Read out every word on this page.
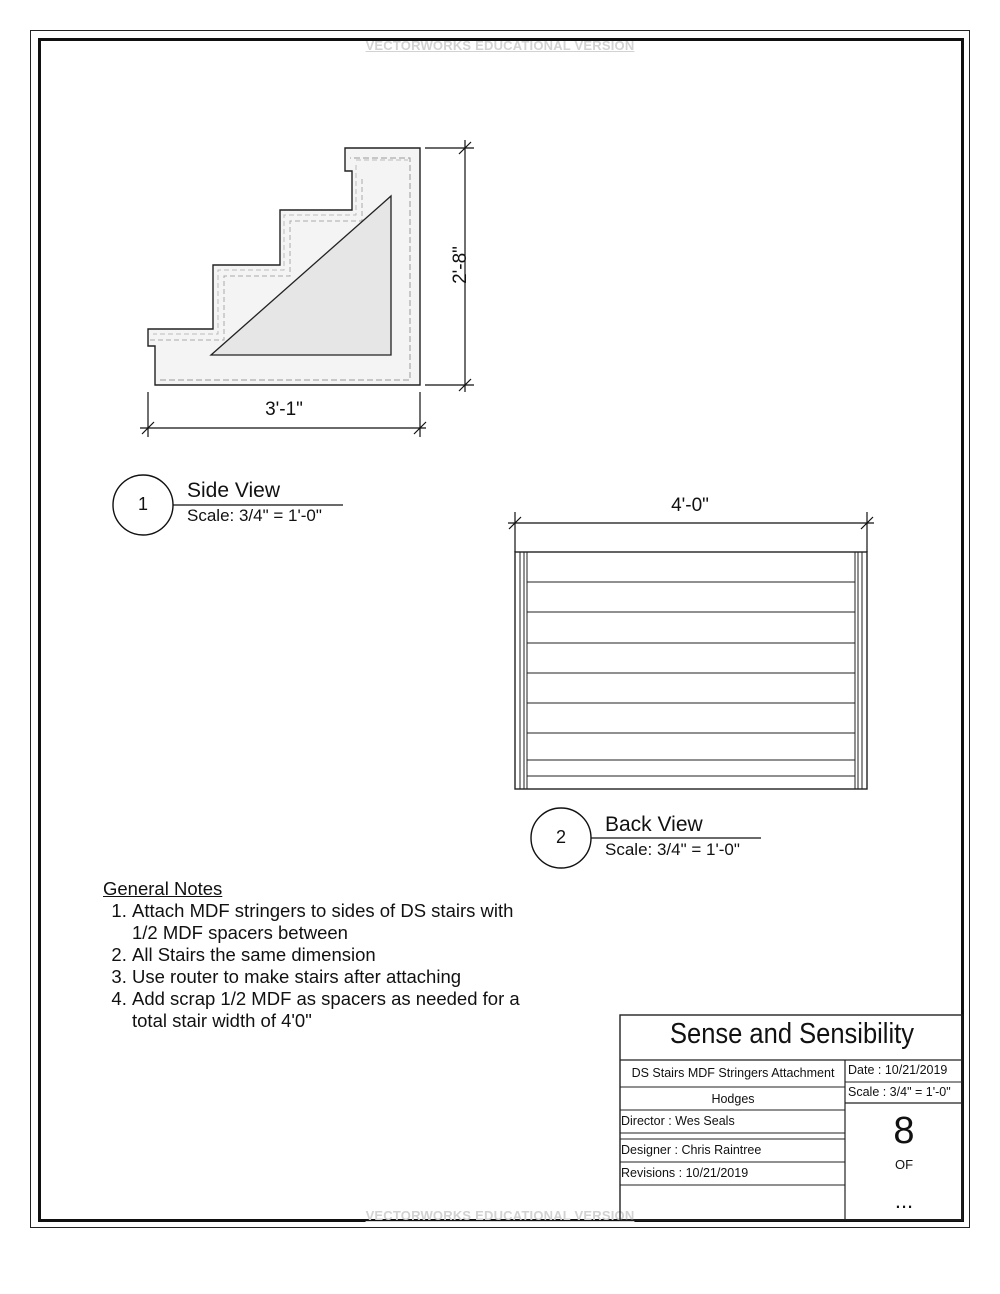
VECTORWORKS EDUCATIONAL VERSION
VECTORWORKS EDUCATIONAL VERSION
2'-8"
3'-1"
1
Side View
Scale: 3/4" = 1'-0"	4'-0"
2
Back View
Scale: 3/4" = 1'-0"
General Notes
1. Attach MDF stringers to sides of DS stairs with 1/2 MDF spacers between
2. All Stairs the same dimension
3. Use router to make stairs after attaching
4. Add scrap 1/2 MDF as spacers as needed for a total stair width of 4'0"	Sense and Sensibility
DS Stairs MDF Stringers Attachment	Date : 10/21/2019
Scale : 3/4" = 1'-0"
Hodges
Director : Wes Seals
Designer : Chris Raintree
Revisions : 10/21/2019
8
OF
...
